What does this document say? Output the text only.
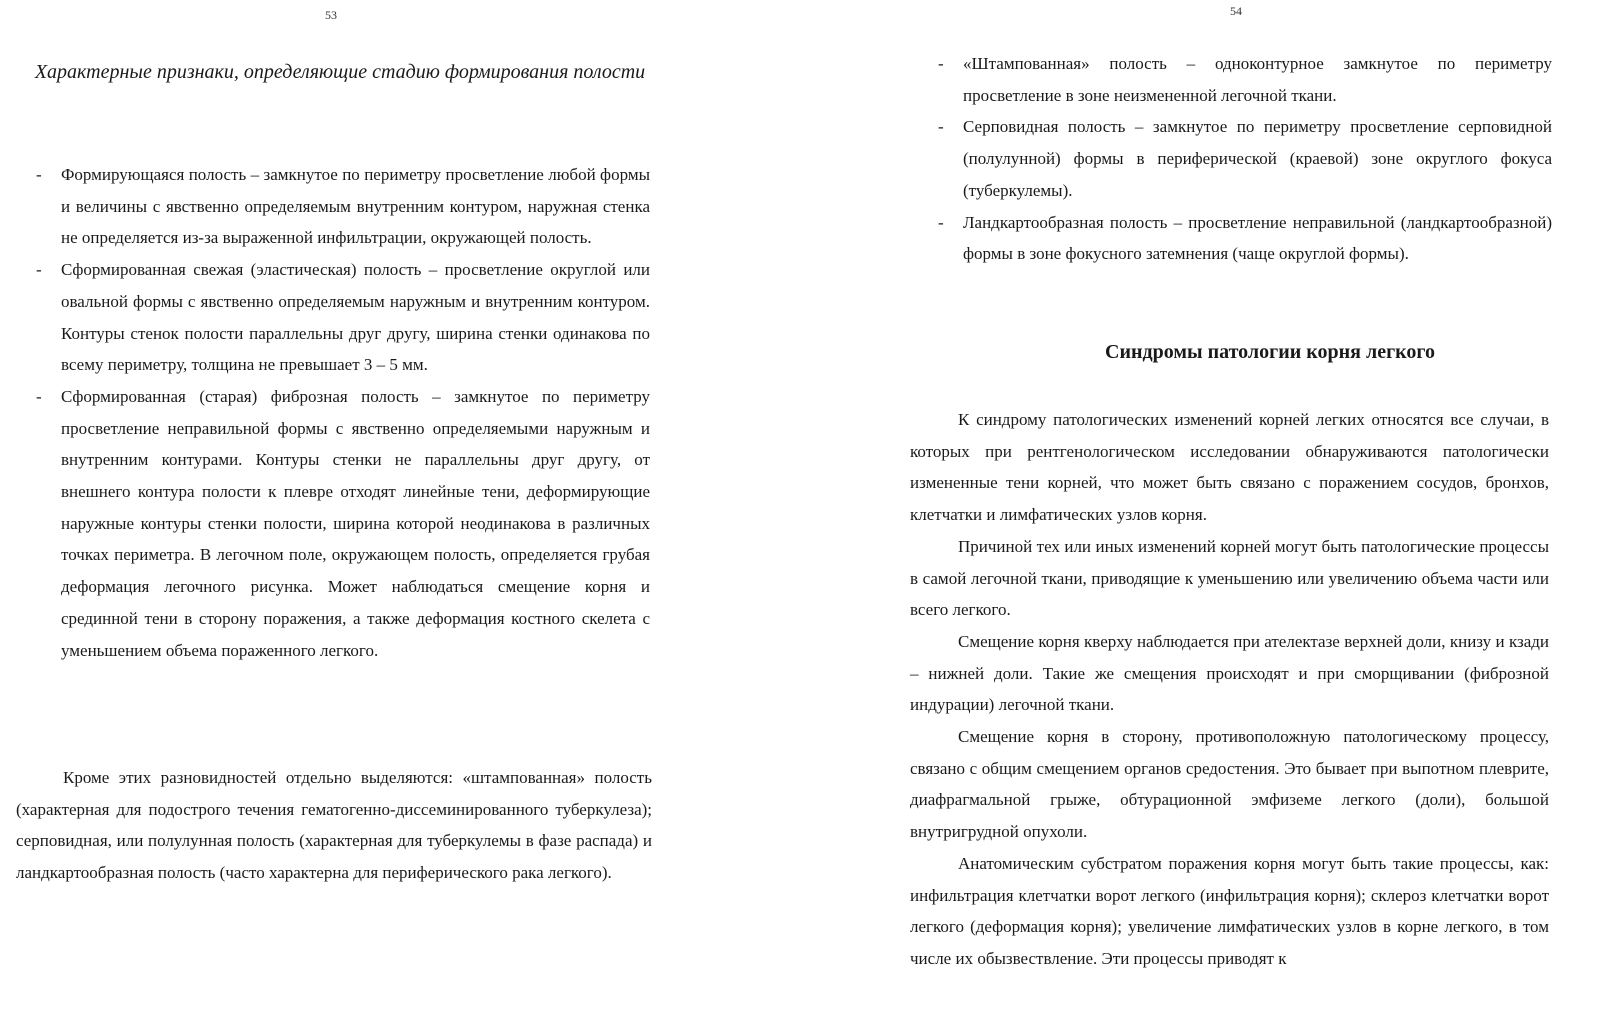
53
Характерные признаки, определяющие стадию формирования полости
- Формирующаяся полость – замкнутое по периметру просветление любой формы и величины с явственно определяемым внутренним контуром, наружная стенка не определяется из-за выраженной инфильтрации, окружающей полость.
- Сформированная свежая (эластическая) полость – просветление округлой или овальной формы с явственно определяемым наружным и внутренним контуром. Контуры стенок полости параллельны друг другу, ширина стенки одинакова по всему периметру, толщина не превышает 3 – 5 мм.
- Сформированная (старая) фиброзная полость – замкнутое по периметру просветление неправильной формы с явственно определяемыми наружным и внутренним контурами. Контуры стенки не параллельны друг другу, от внешнего контура полости к плевре отходят линейные тени, деформирующие наружные контуры стенки полости, ширина которой неодинакова в различных точках периметра. В легочном поле, окружающем полость, определяется грубая деформация легочного рисунка. Может наблюдаться смещение корня и срединной тени в сторону поражения, а также деформация костного скелета с уменьшением объема пораженного легкого.

Кроме этих разновидностей отдельно выделяются: «штампованная» полость (характерная для подострого течения гематогенно-диссеминированного туберкулеза); серповидная, или полулунная полость (характерная для туберкулемы в фазе распада) и ландкартообразная полость (часто характерна для периферического рака легкого).

54
- «Штампованная» полость – одноконтурное замкнутое по периметру просветление в зоне неизмененной легочной ткани.
- Серповидная полость – замкнутое по периметру просветление серповидной (полулунной) формы в периферической (краевой) зоне округлого фокуса (туберкулемы).
- Ландкартообразная полость – просветление неправильной (ландкартообразной) формы в зоне фокусного затемнения (чаще округлой формы).
Синдромы патологии корня легкого

К синдрому патологических изменений корней легких относятся все случаи, в которых при рентгенологическом исследовании обнаруживаются патологически измененные тени корней, что может быть связано с поражением сосудов, бронхов, клетчатки и лимфатических узлов корня.

Причиной тех или иных изменений корней могут быть патологические процессы в самой легочной ткани, приводящие к уменьшению или увеличению объема части или всего легкого.

Смещение корня кверху наблюдается при ателектазе верхней доли, книзу и кзади – нижней доли. Такие же смещения происходят и при сморщивании (фиброзной индурации) легочной ткани.

Смещение корня в сторону, противоположную патологическому процессу, связано с общим смещением органов средостения. Это бывает при выпотном плеврите, диафрагмальной грыже, обтурационной эмфиземе легкого (доли), большой внутригрудной опухоли.

Анатомическим субстратом поражения корня могут быть такие процессы, как: инфильтрация клетчатки ворот легкого (инфильтрация корня); склероз клетчатки ворот легкого (деформация корня); увеличение лимфатических узлов в корне легкого, в том числе их обызвествление. Эти процессы приводят к
